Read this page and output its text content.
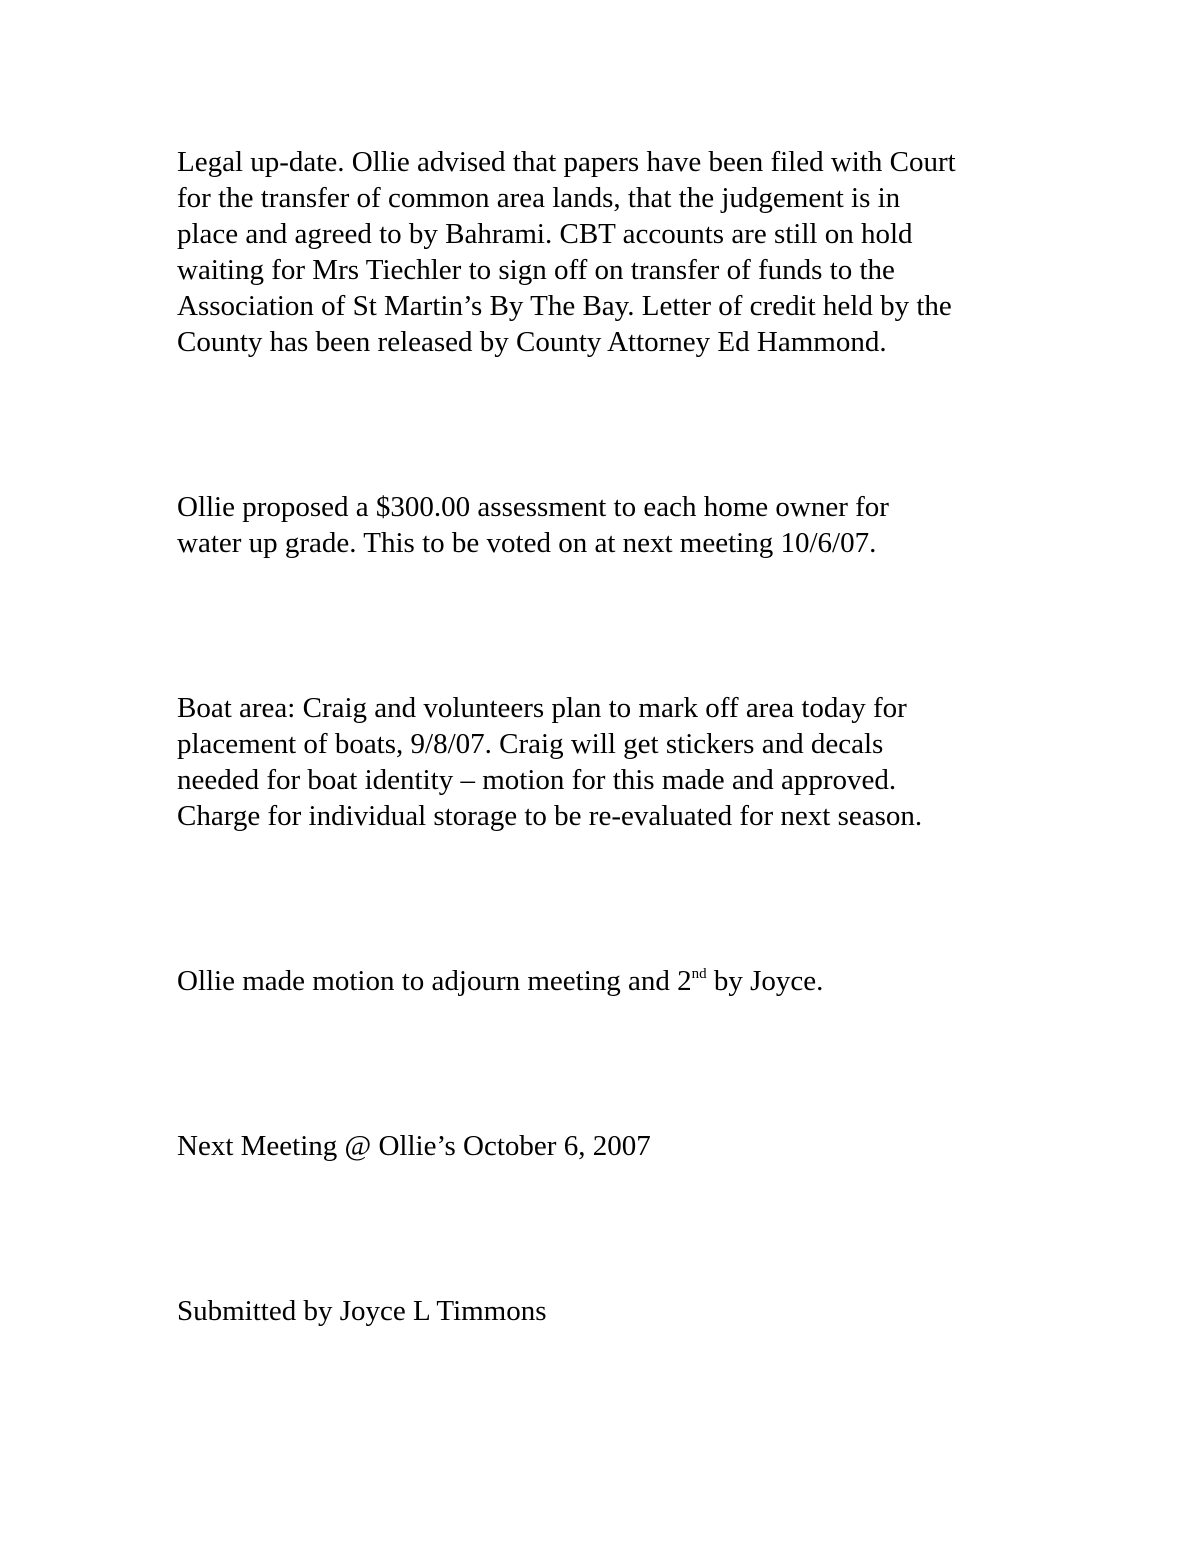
Legal up-date. Ollie advised that papers have been filed with Court
for the transfer of common area lands, that the judgement is in
place and agreed to by Bahrami. CBT accounts are still on hold
waiting for Mrs Tiechler to sign off on transfer of funds to the
Association of St Martin’s By The Bay. Letter of credit held by the
County has been released by County Attorney Ed Hammond.

Ollie proposed a $300.00 assessment to each home owner for
water up grade. This to be voted on at next meeting 10/6/07.

Boat area: Craig and volunteers plan to mark off area today for
placement of boats, 9/8/07. Craig will get stickers and decals
needed for boat identity – motion for this made and approved.
Charge for individual storage to be re-evaluated for next season.

Ollie made motion to adjourn meeting and 2nd by Joyce.

Next Meeting @ Ollie’s October 6, 2007

Submitted by Joyce L Timmons
